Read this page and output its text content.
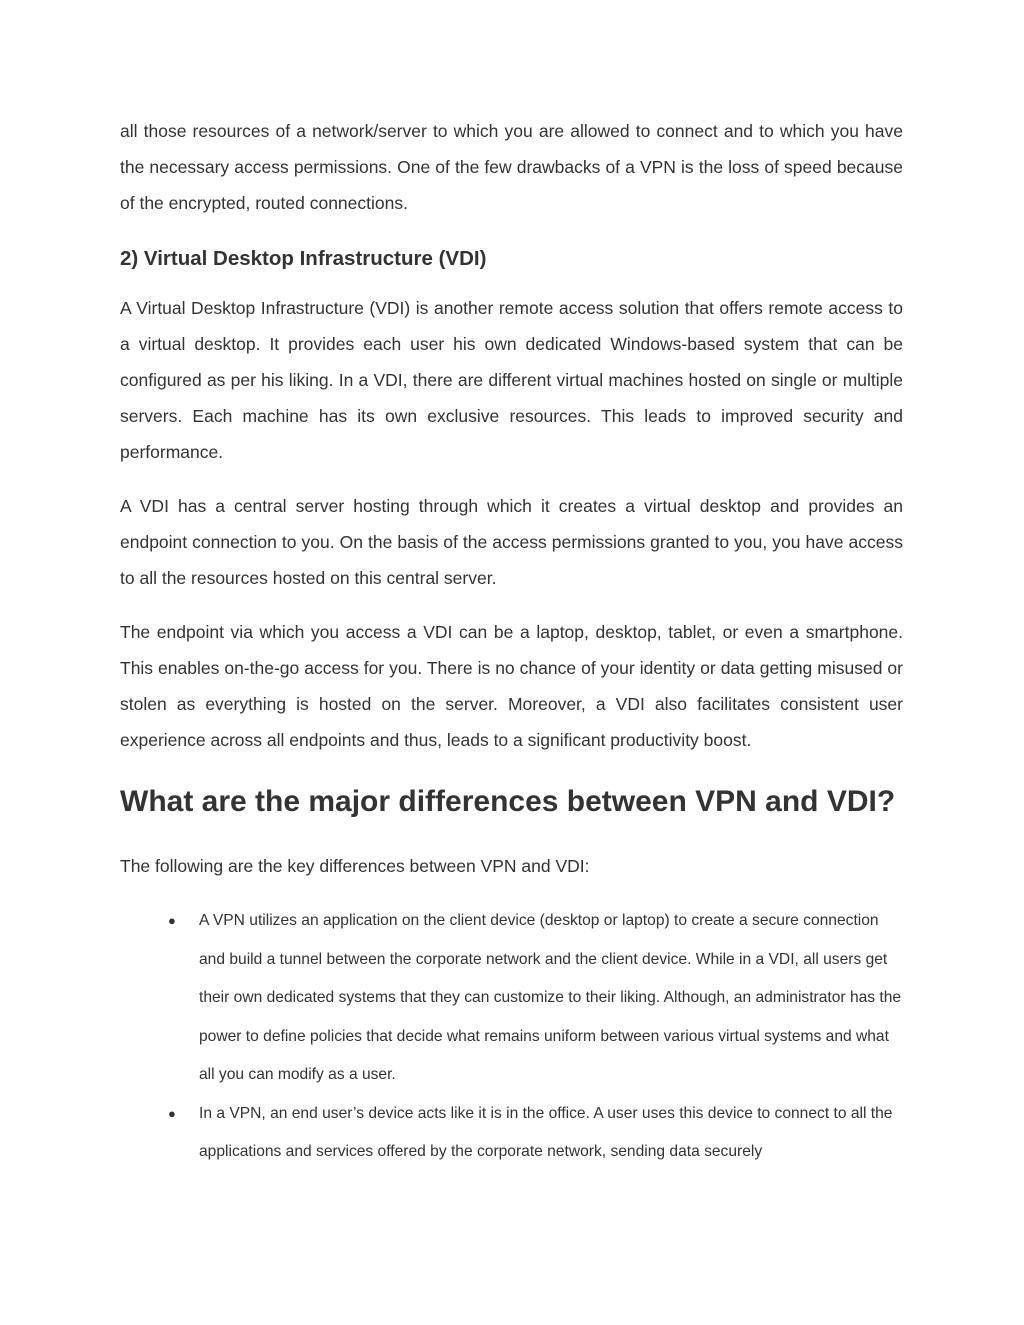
all those resources of a network/server to which you are allowed to connect and to which you have the necessary access permissions. One of the few drawbacks of a VPN is the loss of speed because of the encrypted, routed connections.

2) Virtual Desktop Infrastructure (VDI)

A Virtual Desktop Infrastructure (VDI) is another remote access solution that offers remote access to a virtual desktop. It provides each user his own dedicated Windows-based system that can be configured as per his liking. In a VDI, there are different virtual machines hosted on single or multiple servers. Each machine has its own exclusive resources. This leads to improved security and performance.

A VDI has a central server hosting through which it creates a virtual desktop and provides an endpoint connection to you. On the basis of the access permissions granted to you, you have access to all the resources hosted on this central server.

The endpoint via which you access a VDI can be a laptop, desktop, tablet, or even a smartphone. This enables on-the-go access for you. There is no chance of your identity or data getting misused or stolen as everything is hosted on the server. Moreover, a VDI also facilitates consistent user experience across all endpoints and thus, leads to a significant productivity boost.

What are the major differences between VPN and VDI?

The following are the key differences between VPN and VDI:

● A VPN utilizes an application on the client device (desktop or laptop) to create a secure connection and build a tunnel between the corporate network and the client device. While in a VDI, all users get their own dedicated systems that they can customize to their liking. Although, an administrator has the power to define policies that decide what remains uniform between various virtual systems and what all you can modify as a user.
● In a VPN, an end user’s device acts like it is in the office. A user uses this device to connect to all the applications and services offered by the corporate network, sending data securely
